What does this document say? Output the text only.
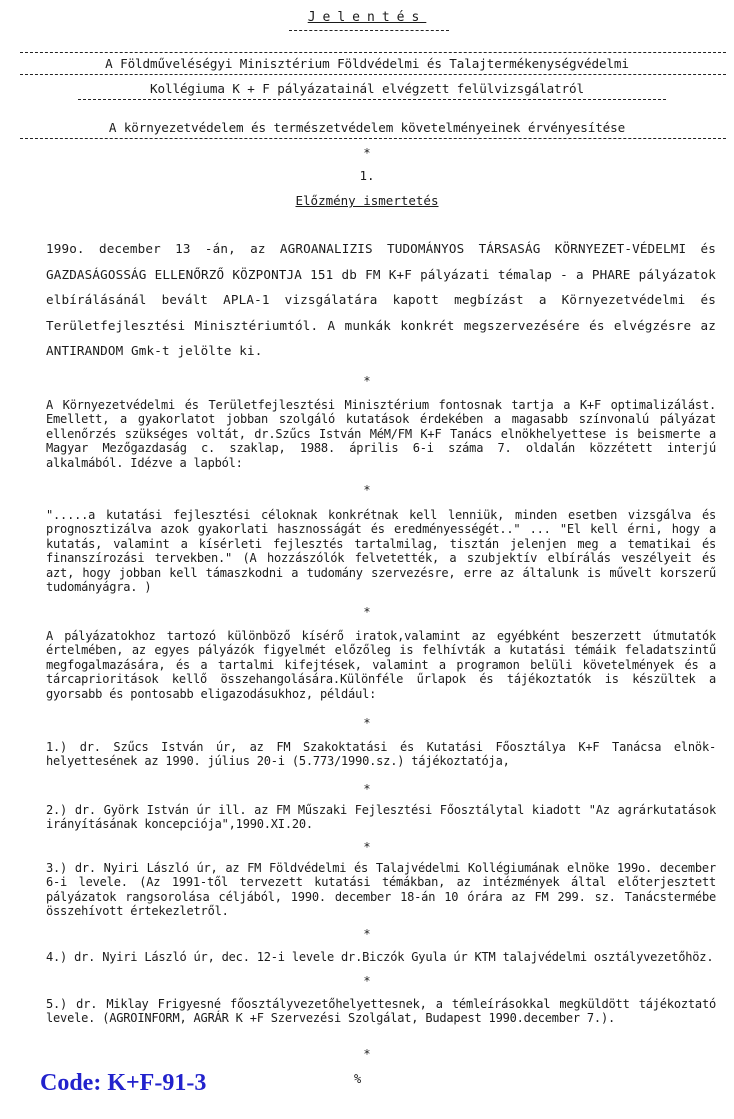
Jelentés
A Földműveléségyi Minisztérium Földvédelmi és Talajtermékenységvédelmi
Kollégiuma K + F pályázatainál elvégzett felülvizsgálatról
A környezetvédelem és természetvédelem követelményeinek érvényesítése
*
1.
Előzmény ismertetés

199o. december 13 -án, az AGROANALIZIS TUDOMÁNYOS TÁRSASÁG KÖRNYEZET-VÉDELMI és GAZDASÁGOSSÁG ELLENŐRZŐ KÖZPONTJA 151 db FM K+F pályázati témalap - a PHARE pályázatok elbírálásánál bevált APLA-1 vizsgálatára kapott megbízást a Környezetvédelmi és Területfejlesztési Minisztériumtól. A munkák konkrét megszervezésére és elvégzésre az ANTIRANDOM Gmk-t jelölte ki.

*

A Környezetvédelmi és Területfejlesztési Minisztérium fontosnak tartja a K+F optimalizálást. Emellett, a gyakorlatot jobban szolgáló kutatások érdekében a magasabb színvonalú pályázat ellenőrzés szükséges voltát, dr.Szűcs István MéM/FM K+F Tanács elnökhelyettese is beismerte a Magyar Mezőgazdaság c. szaklap, 1988. április 6-i száma 7. oldalán közzétett interjú alkalmából. Idézve a lapból:

*

".....a kutatási fejlesztési céloknak konkrétnak kell lenniük, minden esetben vizsgálva és prognosztizálva azok gyakorlati hasznosságát és eredményességét.." ... "El kell érni, hogy a kutatás, valamint a kísérleti fejlesztés tartalmilag, tisztán jelenjen meg a tematikai és finanszírozási tervekben." (A hozzászólók felvetették, a szubjektív elbírálás veszélyeit és azt, hogy jobban kell támaszkodni a tudomány szervezésre, erre az általunk is művelt korszerű tudományágra. )

*

A pályázatokhoz tartozó különböző kísérő iratok,valamint az egyébként beszerzett útmutatók értelmében, az egyes pályázók figyelmét előzőleg is felhívták a kutatási témáik feladatszintű megfogalmazására, és a tartalmi kifejtések, valamint a programon belüli követelmények és a tárcaprioritások kellő összehangolására.Különféle űrlapok és tájékoztatók is készültek a gyorsabb és pontosabb eligazodásukhoz, például:

*

1.) dr. Szűcs István úr, az FM Szakoktatási és Kutatási Főosztálya K+F Tanácsa elnök-helyettesének az 1990. július 20-i (5.773/1990.sz.) tájékoztatója,

*

2.) dr. Györk István úr ill. az FM Műszaki Fejlesztési Főosztálytal kiadott "Az agrárkutatások irányításának koncepciója",1990.XI.20.

*

3.) dr. Nyiri László úr, az FM Földvédelmi és Talajvédelmi Kollégiumának elnöke 199o. december 6-i levele. (Az 1991-től tervezett kutatási témákban, az intézmények által előterjesztett pályázatok rangsorolása céljából, 1990. december 18-án 10 órára az FM 299. sz. Tanácstermébe összehívott értekezletről.

*

4.) dr. Nyiri László úr, dec. 12-i levele dr.Biczók Gyula úr KTM talajvédelmi osztályvezetőhöz.

*

5.) dr. Miklay Frigyesné főosztályvezetőhelyettesnek, a témleírásokkal megküldött tájékoztató levele. (AGROINFORM, AGRÁR K +F Szervezési Szolgálat, Budapest 1990.december 7.).

*
%
Code: K+F-91-3
